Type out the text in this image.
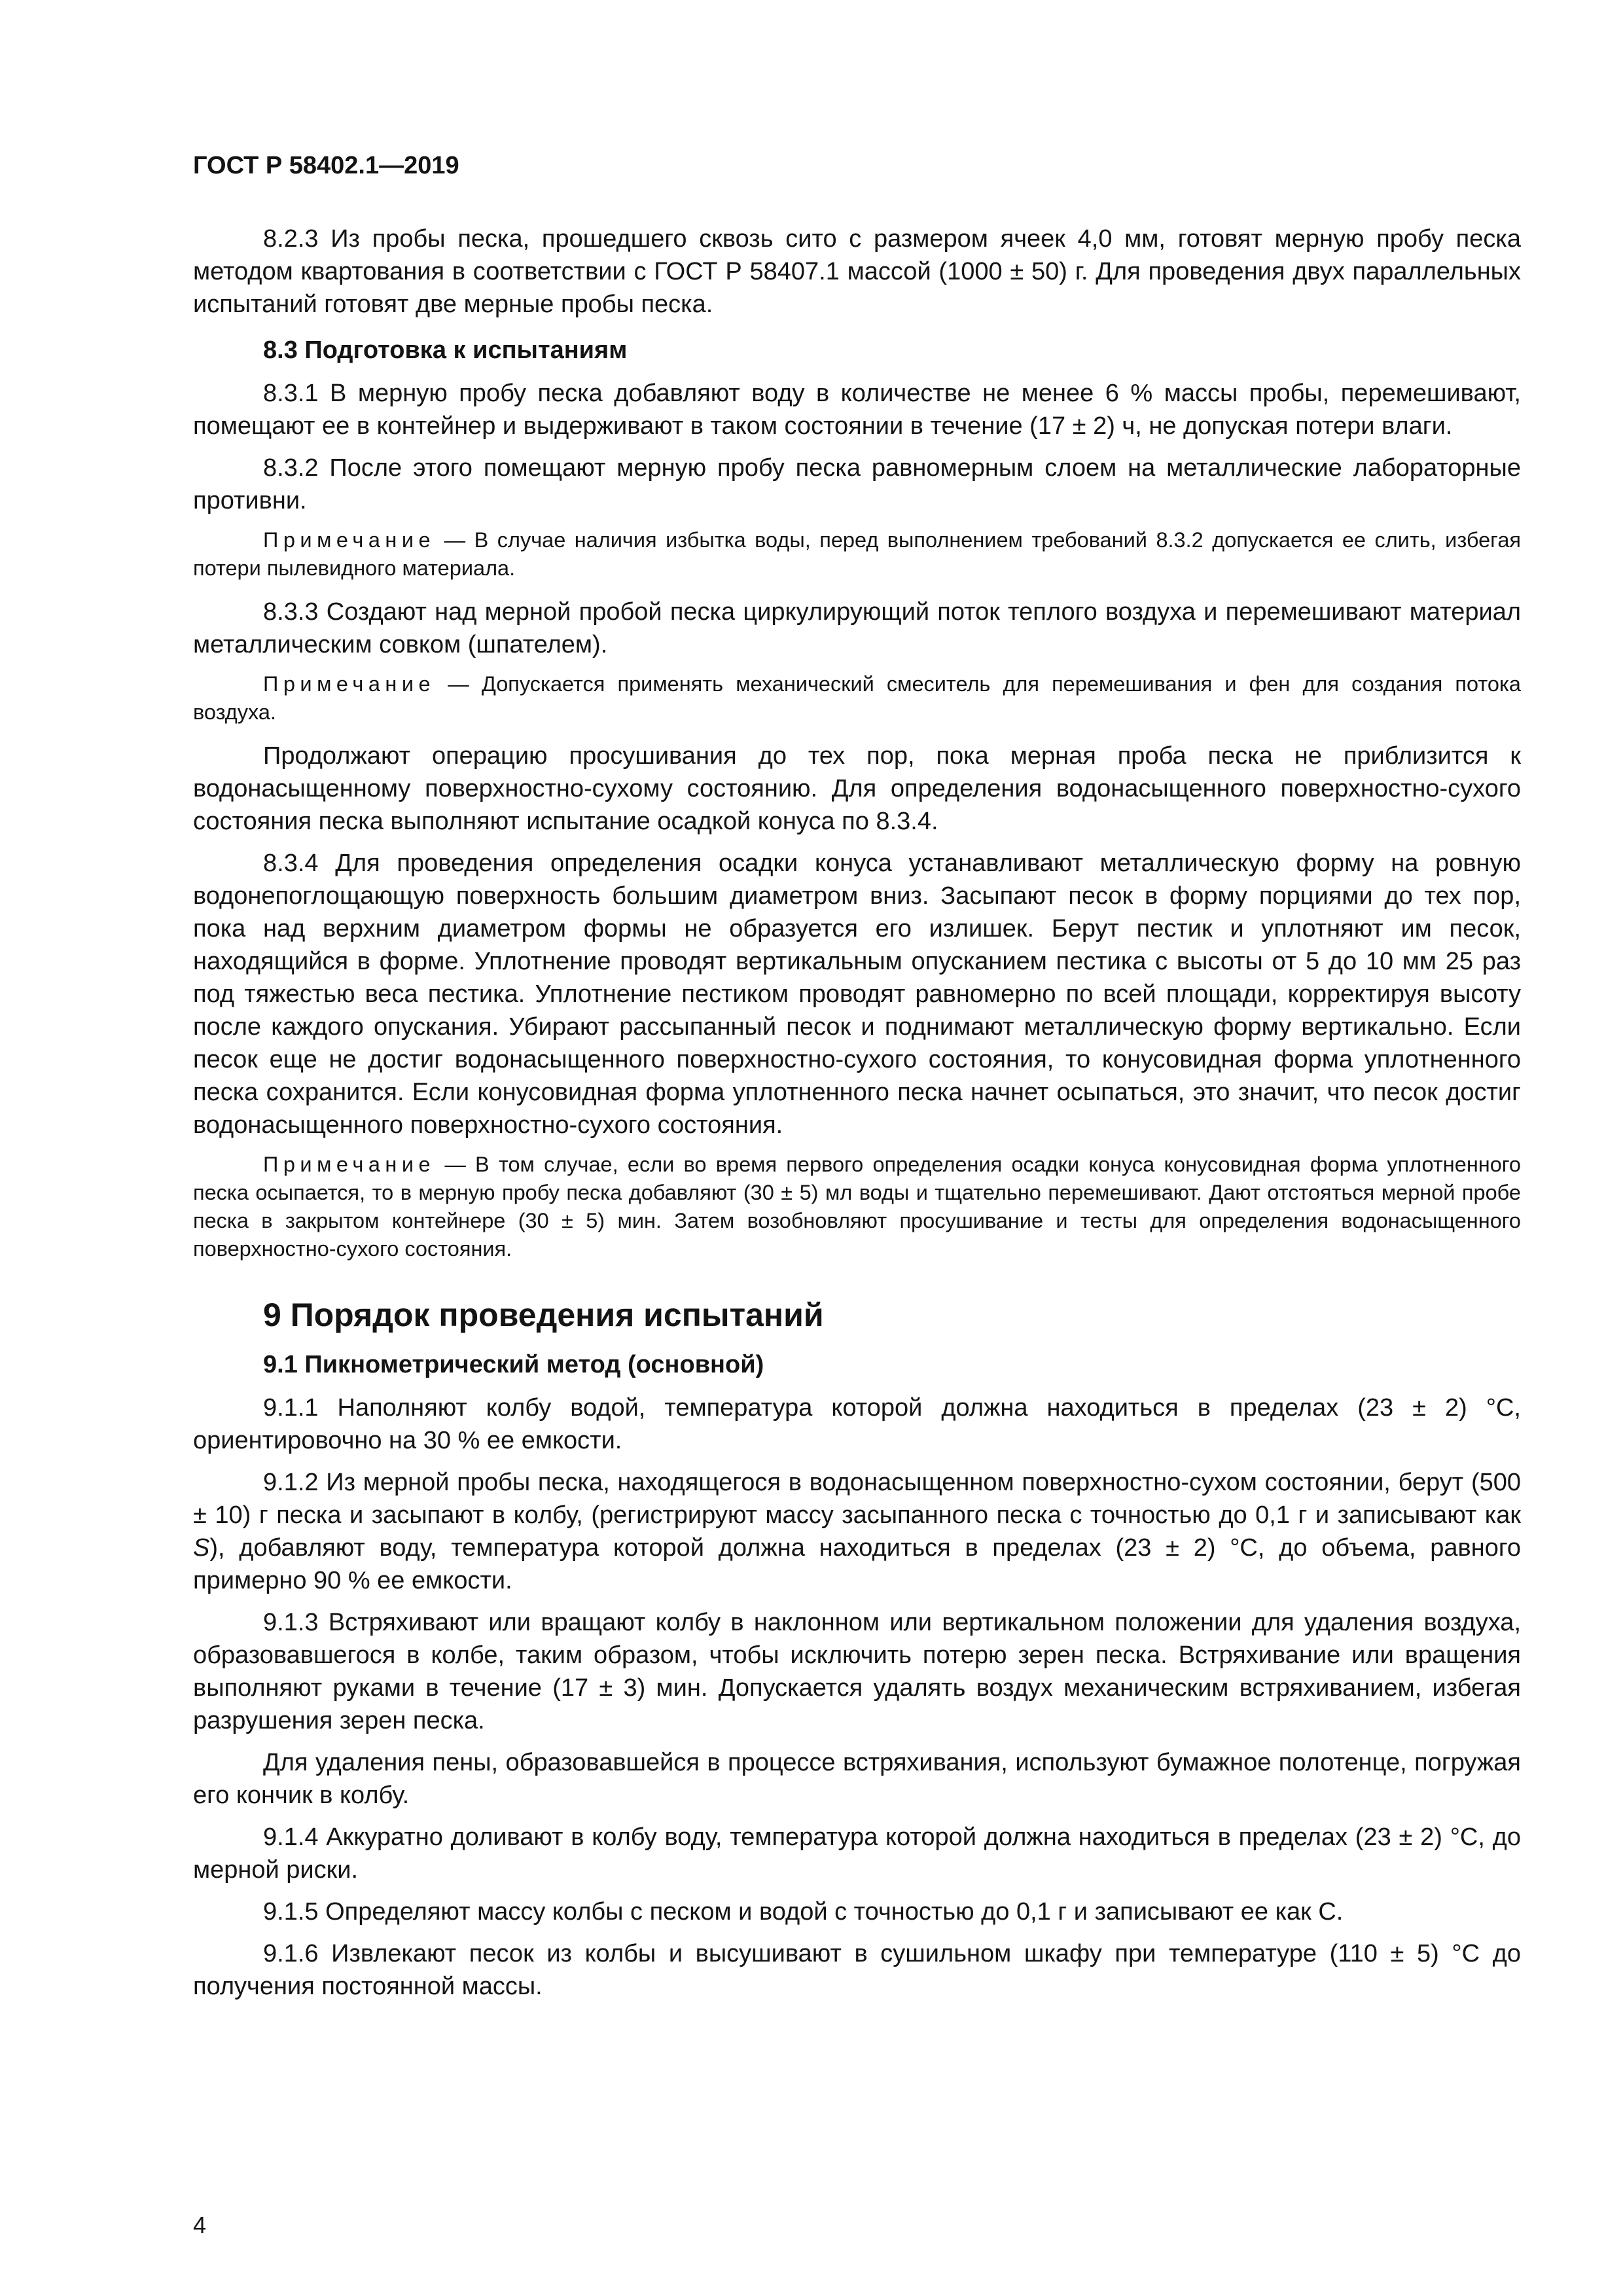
ГОСТ Р 58402.1—2019

8.2.3 Из пробы песка, прошедшего сквозь сито с размером ячеек 4,0 мм, готовят мерную пробу песка методом квартования в соответствии с ГОСТ Р 58407.1 массой (1000 ± 50) г. Для проведения двух параллельных испытаний готовят две мерные пробы песка.

8.3 Подготовка к испытаниям

8.3.1 В мерную пробу песка добавляют воду в количестве не менее 6 % массы пробы, перемешивают, помещают ее в контейнер и выдерживают в таком состоянии в течение (17 ± 2) ч, не допуская потери влаги.

8.3.2 После этого помещают мерную пробу песка равномерным слоем на металлические лабораторные противни.

Примечание — В случае наличия избытка воды, перед выполнением требований 8.3.2 допускается ее слить, избегая потери пылевидного материала.

8.3.3 Создают над мерной пробой песка циркулирующий поток теплого воздуха и перемешивают материал металлическим совком (шпателем).

Примечание — Допускается применять механический смеситель для перемешивания и фен для создания потока воздуха.

Продолжают операцию просушивания до тех пор, пока мерная проба песка не приблизится к водонасыщенному поверхностно-сухому состоянию. Для определения водонасыщенного поверхностно-сухого состояния песка выполняют испытание осадкой конуса по 8.3.4.

8.3.4 Для проведения определения осадки конуса устанавливают металлическую форму на ровную водонепоглощающую поверхность большим диаметром вниз. Засыпают песок в форму порциями до тех пор, пока над верхним диаметром формы не образуется его излишек. Берут пестик и уплотняют им песок, находящийся в форме. Уплотнение проводят вертикальным опусканием пестика с высоты от 5 до 10 мм 25 раз под тяжестью веса пестика. Уплотнение пестиком проводят равномерно по всей площади, корректируя высоту после каждого опускания. Убирают рассыпанный песок и поднимают металлическую форму вертикально. Если песок еще не достиг водонасыщенного поверхностно-сухого состояния, то конусовидная форма уплотненного песка сохранится. Если конусовидная форма уплотненного песка начнет осыпаться, это значит, что песок достиг водонасыщенного поверхностно-сухого состояния.

Примечание — В том случае, если во время первого определения осадки конуса конусовидная форма уплотненного песка осыпается, то в мерную пробу песка добавляют (30 ± 5) мл воды и тщательно перемешивают. Дают отстояться мерной пробе песка в закрытом контейнере (30 ± 5) мин. Затем возобновляют просушивание и тесты для определения водонасыщенного поверхностно-сухого состояния.
9 Порядок проведения испытаний
9.1 Пикнометрический метод (основной)

9.1.1 Наполняют колбу водой, температура которой должна находиться в пределах (23 ± 2) °С, ориентировочно на 30 % ее емкости.

9.1.2 Из мерной пробы песка, находящегося в водонасыщенном поверхностно-сухом состоянии, берут (500 ± 10) г песка и засыпают в колбу, (регистрируют массу засыпанного песка с точностью до 0,1 г и записывают как S), добавляют воду, температура которой должна находиться в пределах (23 ± 2) °С, до объема, равного примерно 90 % ее емкости.

9.1.3 Встряхивают или вращают колбу в наклонном или вертикальном положении для удаления воздуха, образовавшегося в колбе, таким образом, чтобы исключить потерю зерен песка. Встряхивание или вращения выполняют руками в течение (17 ± 3) мин. Допускается удалять воздух механическим встряхиванием, избегая разрушения зерен песка.

Для удаления пены, образовавшейся в процессе встряхивания, используют бумажное полотенце, погружая его кончик в колбу.

9.1.4 Аккуратно доливают в колбу воду, температура которой должна находиться в пределах (23 ± 2) °С, до мерной риски.

9.1.5 Определяют массу колбы с песком и водой с точностью до 0,1 г и записывают ее как С.

9.1.6 Извлекают песок из колбы и высушивают в сушильном шкафу при температуре (110 ± 5) °С до получения постоянной массы.

4
